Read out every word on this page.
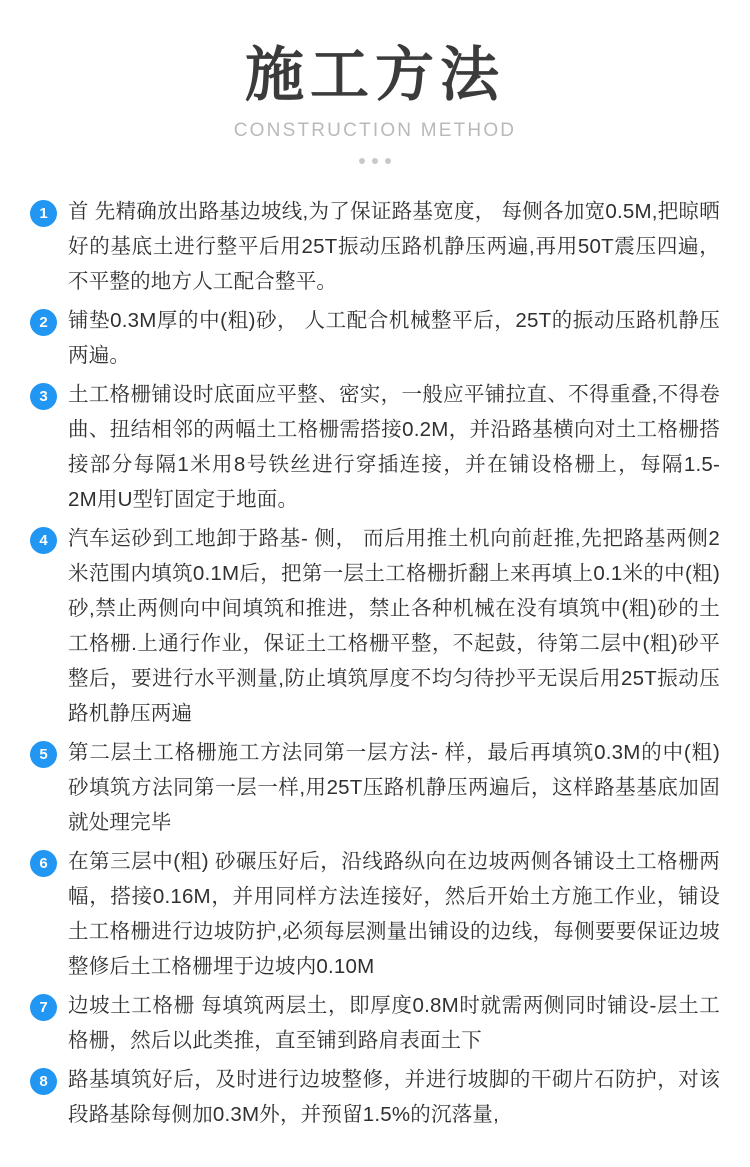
施工方法
CONSTRUCTION METHOD
1 首 先精确放出路基边坡线,为了保证路基宽度， 每侧各加宽0.5M,把晾晒好的基底土进行整平后用25T振动压路机静压两遍,再用50T震压四遍，不平整的地方人工配合整平。
2 铺垫0.3M厚的中(粗)砂， 人工配合机械整平后，25T的振动压路机静压两遍。
3 土工格栅铺设时底面应平整、密实，一般应平铺拉直、不得重叠,不得卷曲、扭结相邻的两幅土工格栅需搭接0.2M，并沿路基横向对土工格栅搭接部分每隔1米用8号铁丝进行穿插连接，并在铺设格栅上，每隔1.5- 2M用U型钉固定于地面。
4 汽车运砂到工地卸于路基- 侧， 而后用推土机向前赶推,先把路基两侧2米范围内填筑0.1M后，把第一层土工格栅折翻上来再填上0.1米的中(粗)砂,禁止两侧向中间填筑和推进，禁止各种机械在没有填筑中(粗)砂的土工格栅.上通行作业，保证土工格栅平整，不起鼓，待第二层中(粗)砂平整后，要进行水平测量,防止填筑厚度不均匀待抄平无误后用25T振动压路机静压两遍
5 第二层土工格栅施工方法同第一层方法- 样，最后再填筑0.3M的中(粗)砂填筑方法同第一层一样,用25T压路机静压两遍后，这样路基基底加固就处理完毕
6 在第三层中(粗) 砂碾压好后，沿线路纵向在边坡两侧各铺设土工格栅两幅，搭接0.16M，并用同样方法连接好，然后开始土方施工作业，铺设土工格栅进行边坡防护,必须每层测量出铺设的边线，每侧要要保证边坡整修后土工格栅埋于边坡内0.10M
7 边坡土工格栅 每填筑两层土，即厚度0.8M时就需两侧同时铺设-层土工格栅，然后以此类推，直至铺到路肩表面土下
8 路基填筑好后，及时进行边坡整修，并进行坡脚的干砌片石防护，对该段路基除每侧加0.3M外，并预留1.5%的沉落量,
